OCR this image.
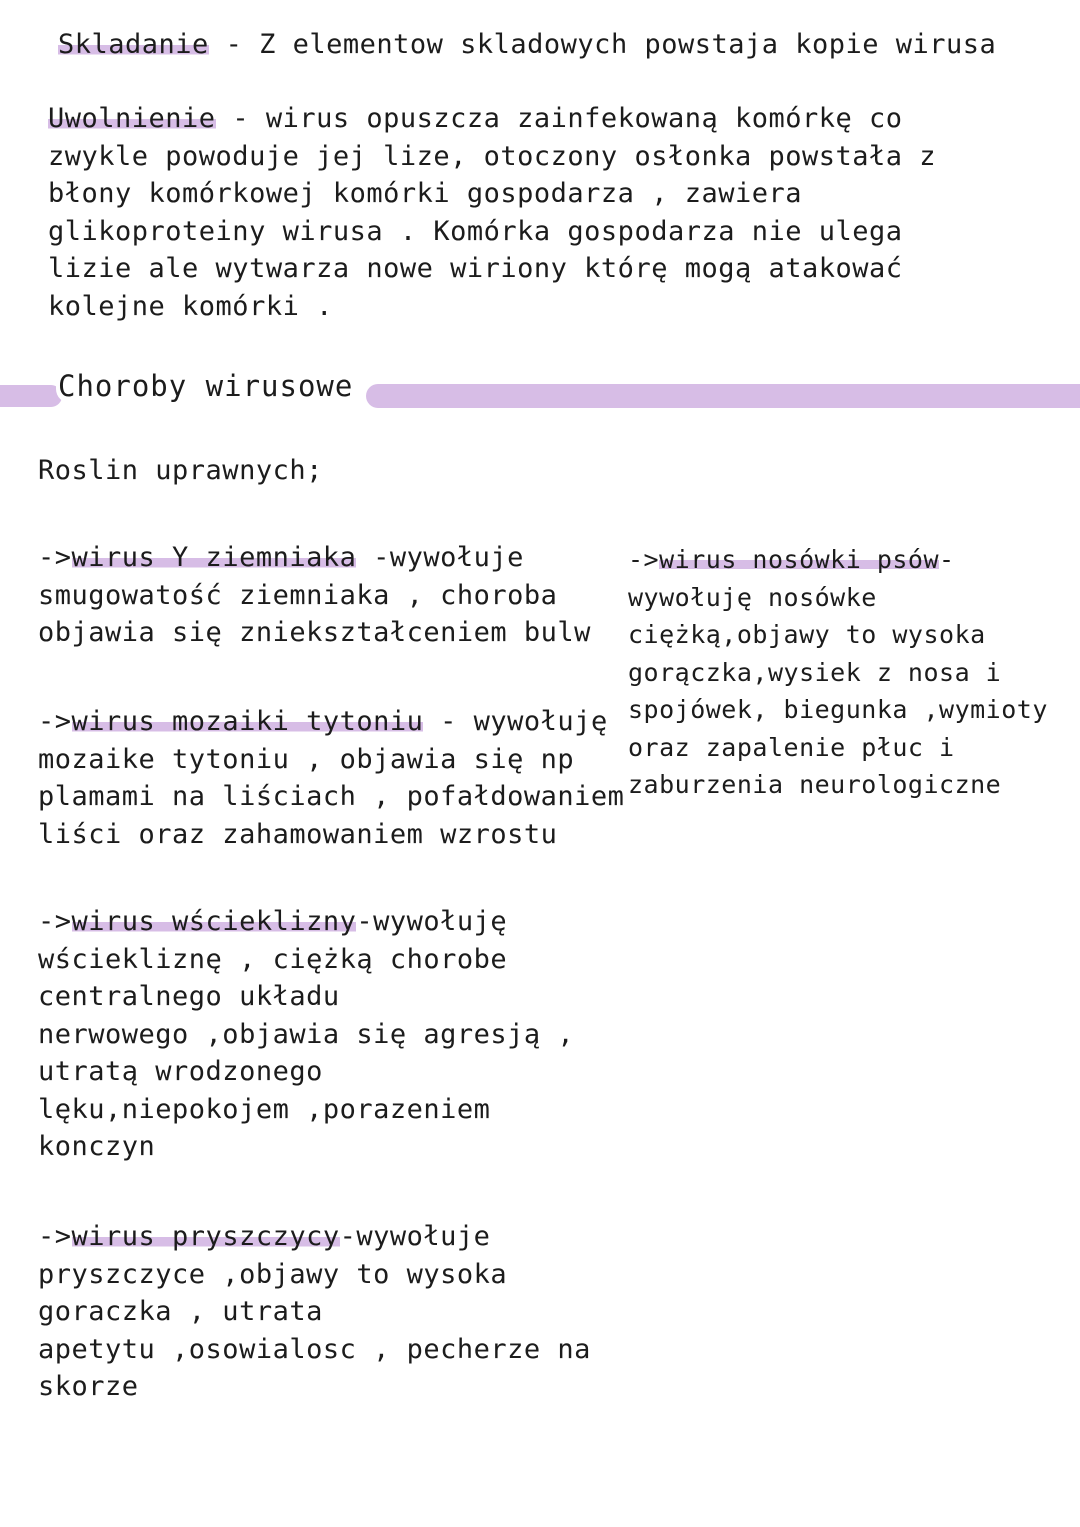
Skladanie - Z elementow skladowych powstaja kopie wirusa
Uwolnienie - wirus opuszcza zainfekowaną komórkę co
zwykle powoduje jej lize, otoczony osłonka powstała z
błony komórkowej komórki gospodarza , zawiera
glikoproteiny wirusa . Komórka gospodarza nie ulega
lizie ale wytwarza nowe wiriony którę mogą atakować
kolejne komórki .
Choroby wirusowe
Roslin uprawnych;
->wirus Y ziemniaka -wywołuje
smugowatość ziemniaka , choroba
objawia się zniekształceniem bulw
->wirus mozaiki tytoniu - wywołuję
mozaike tytoniu , objawia się np
plamami na liściach , pofałdowaniem
liści oraz zahamowaniem wzrostu
->wirus wścieklizny-wywołuję
wściekliznę , ciężką chorobe
centralnego układu
nerwowego ,objawia się agresją ,
utratą wrodzonego
lęku,niepokojem ,porazeniem
konczyn
->wirus pryszczycy-wywołuje
pryszczyce ,objawy to wysoka
goraczka , utrata
apetytu ,osowialosc , pecherze na
skorze
->wirus nosówki psów-
wywołuję nosówke
ciężką,objawy to wysoka
gorączka,wysiek z nosa i
spojówek, biegunka ,wymioty
oraz zapalenie płuc i
zaburzenia neurologiczne
